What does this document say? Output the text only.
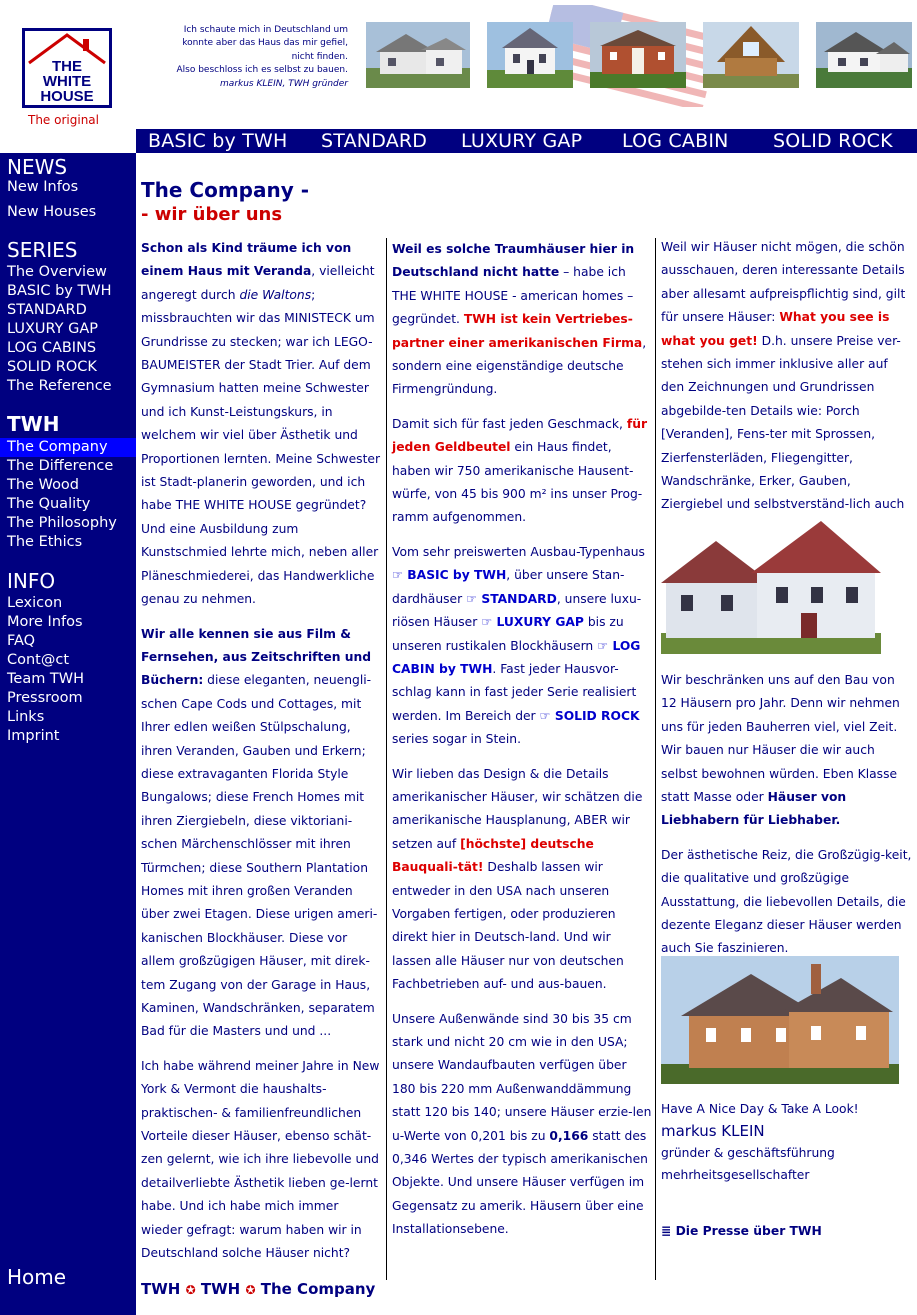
THE
WHITE
HOUSE
The original
Ich schaute mich in Deutschland um
konnte aber das Haus das mir gefiel,
nicht finden.
Also beschloss ich es selbst zu bauen.
markus KLEIN, TWH gründer
BASIC by TWH STANDARD LUXURY GAP LOG CABIN SOLID ROCK
NEWS
New Infos
New Houses
SERIES
The Overview
BASIC by TWH
STANDARD
LUXURY GAP
LOG CABINS
SOLID ROCK
The Reference
TWH
The Company
The Difference
The Wood
The Quality
The Philosophy
The Ethics
INFO
Lexicon
More Infos
FAQ
Cont@ct
Team TWH
Pressroom
Links
Imprint
Home
The Company -
- wir über uns

Schon als Kind träume ich von einem Haus mit Veranda, vielleicht angeregt durch die Waltons; missbrauchten wir das MINISTECK um Grundrisse zu stecken; war ich LEGO-BAUMEISTER der Stadt Trier. Auf dem Gymnasium hatten meine Schwester und ich Kunst-Leistungskurs, in welchem wir viel über Ästhetik und Proportionen lernten. Meine Schwester ist Stadt-planerin geworden, und ich habe THE WHITE HOUSE gegründet? Und eine Ausbildung zum Kunstschmied lehrte mich, neben aller Pläneschmiederei, das Handwerkliche genau zu nehmen.

Wir alle kennen sie aus Film & Fernsehen, aus Zeitschriften und Büchern: diese eleganten, neuengli-schen Cape Cods und Cottages, mit Ihrer edlen weißen Stülpschalung, ihren Veranden, Gauben und Erkern; diese extravaganten Florida Style Bungalows; diese French Homes mit ihren Ziergiebeln, diese viktoriani-schen Märchenschlösser mit ihren Türmchen; diese Southern Plantation Homes mit ihren großen Veranden über zwei Etagen. Diese urigen ameri-kanischen Blockhäuser. Diese vor allem großzügigen Häuser, mit direk-tem Zugang von der Garage in Haus, Kaminen, Wandschränken, separatem Bad für die Masters und und ...

Ich habe während meiner Jahre in New York & Vermont die haushalts-praktischen- & familienfreundlichen Vorteile dieser Häuser, ebenso schät-zen gelernt, wie ich ihre liebevolle und detailverliebte Ästhetik lieben ge-lernt habe. Und ich habe mich immer wieder gefragt: warum haben wir in Deutschland solche Häuser nicht?

Weil es solche Traumhäuser hier in Deutschland nicht hatte – habe ich THE WHITE HOUSE - american homes – gegründet. TWH ist kein Vertriebes-partner einer amerikanischen Firma, sondern eine eigenständige deutsche Firmengründung.

Damit sich für fast jeden Geschmack, für jeden Geldbeutel ein Haus findet, haben wir 750 amerikanische Hausent-würfe, von 45 bis 900 m² ins unser Prog-ramm aufgenommen.

Vom sehr preiswerten Ausbau-Typenhaus ☞ BASIC by TWH, über unsere Stan-dardhäuser ☞ STANDARD, unsere luxu-riösen Häuser ☞ LUXURY GAP bis zu unseren rustikalen Blockhäusern ☞ LOG CABIN by TWH. Fast jeder Hausvor-schlag kann in fast jeder Serie realisiert werden. Im Bereich der ☞ SOLID ROCK series sogar in Stein.

Wir lieben das Design & die Details amerikanischer Häuser, wir schätzen die amerikanische Hausplanung, ABER wir setzen auf [höchste] deutsche Bauquali-tät! Deshalb lassen wir entweder in den USA nach unseren Vorgaben fertigen, oder produzieren direkt hier in Deutsch-land. Und wir lassen alle Häuser nur von deutschen Fachbetrieben auf- und aus-bauen.

Unsere Außenwände sind 30 bis 35 cm stark und nicht 20 cm wie in den USA; unsere Wandaufbauten verfügen über 180 bis 220 mm Außenwanddämmung statt 120 bis 140; unsere Häuser erzie-len u-Werte von 0,201 bis zu 0,166 statt des 0,346 Wertes der typisch amerikanischen Objekte. Und unsere Häuser verfügen im Gegensatz zu amerik. Häusern über eine Installationsebene.

Weil wir Häuser nicht mögen, die schön ausschauen, deren interessante Details aber allesamt aufpreispflichtig sind, gilt für unsere Häuser: What you see is what you get! D.h. unsere Preise ver-stehen sich immer inklusive aller auf den Zeichnungen und Grundrissen abgebilde-ten Details wie: Porch [Veranden], Fens-ter mit Sprossen, Zierfensterläden, Fliegengitter, Wandschränke, Erker, Gauben, Ziergiebel und selbstverständ-lich auch

Wir beschränken uns auf den Bau von 12 Häusern pro Jahr. Denn wir nehmen uns für jeden Bauherren viel, viel Zeit. Wir bauen nur Häuser die wir auch selbst bewohnen würden. Eben Klasse statt Masse oder Häuser von Liebhabern für Liebhaber.

Der ästhetische Reiz, die Großzügig-keit, die qualitative und großzügige Ausstattung, die liebevollen Details, die dezente Eleganz dieser Häuser werden auch Sie faszinieren.

Have A Nice Day & Take A Look!
markus KLEIN
gründer & geschäftsführung
mehrheitsgesellschafter
≣ Die Presse über TWH
TWH ✪ TWH ✪ The Company
